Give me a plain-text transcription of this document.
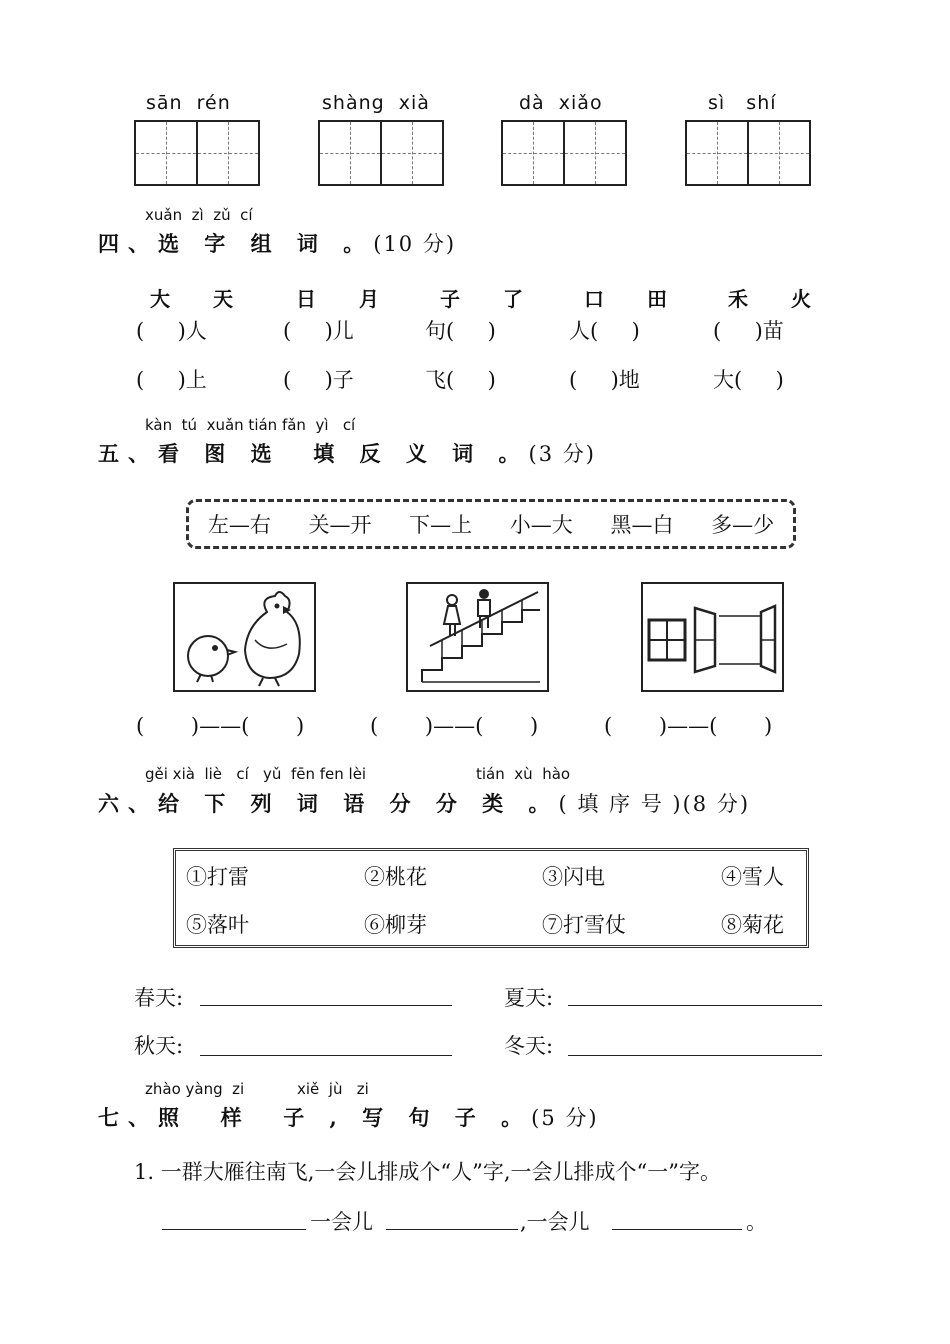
sān  rén	shàng  xià	dà  xiǎo	sì   shí
xuǎn  zì  zǔ  cí
四、选 字 组 词 。(10 分)
大 天 日 月 子 了 口 田 禾 火
(     )人	(     )儿	句(     )	人(     )	(     )苗
(     )上	(     )子	飞(     )	(     )地	大(     )
kàn  tú  xuǎn tián fǎn  yì   cí
五、看 图 选  填 反 义 词 。(3 分)
左—右 关—开 下—上 小—大 黑—白 多—少
(       )——(       )	(       )——(       )	(       )——(       )
gěi xià  liè   cí   yǔ  fēn fen lèi	tián  xù  hào
六、给 下 列 词 语 分 分 类 。( 填 序 号 )(8 分)
①打雷	②桃花	③闪电	④雪人
⑤落叶	⑥柳芽	⑦打雪仗	⑧菊花
春天:	夏天:
秋天:	冬天:
zhào yàng  zi	xiě  jù   zi
七、照  样  子 , 写 句 子 。(5 分)
1. 一群大雁往南飞,一会儿排成个“人”字,一会儿排成个“一”字。
一会儿	,一会儿	。
